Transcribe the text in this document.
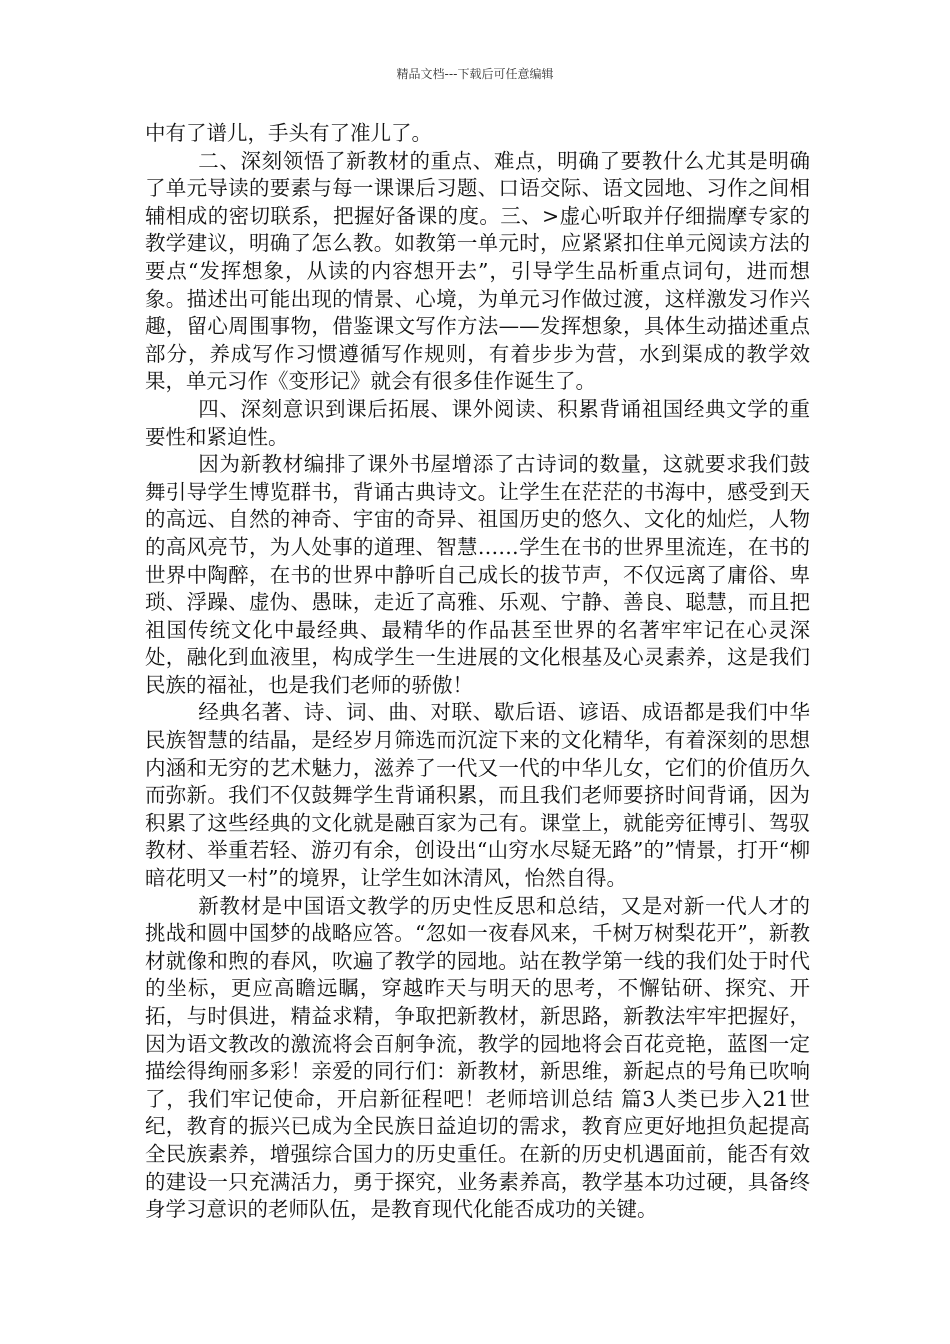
精品文档---下载后可任意编辑

中有了谱儿，手头有了准儿了。

二、深刻领悟了新教材的重点、难点，明确了要教什么尤其是明确了单元导读的要素与每一课课后习题、口语交际、语文园地、习作之间相辅相成的密切联系，把握好备课的度。三、>虚心听取并仔细揣摩专家的教学建议，明确了怎么教。如教第一单元时，应紧紧扣住单元阅读方法的要点“发挥想象，从读的内容想开去”，引导学生品析重点词句，进而想象。描述出可能出现的情景、心境，为单元习作做过渡，这样激发习作兴趣，留心周围事物，借鉴课文写作方法——发挥想象，具体生动描述重点部分，养成写作习惯遵循写作规则，有着步步为营，水到渠成的教学效果，单元习作《变形记》就会有很多佳作诞生了。

四、深刻意识到课后拓展、课外阅读、积累背诵祖国经典文学的重要性和紧迫性。

因为新教材编排了课外书屋增添了古诗词的数量，这就要求我们鼓舞引导学生博览群书，背诵古典诗文。让学生在茫茫的书海中，感受到天的高远、自然的神奇、宇宙的奇异、祖国历史的悠久、文化的灿烂，人物的高风亮节，为人处事的道理、智慧……学生在书的世界里流连，在书的世界中陶醉，在书的世界中静听自己成长的拔节声，不仅远离了庸俗、卑琐、浮躁、虚伪、愚昧，走近了高雅、乐观、宁静、善良、聪慧，而且把祖国传统文化中最经典、最精华的作品甚至世界的名著牢牢记在心灵深处，融化到血液里，构成学生一生进展的文化根基及心灵素养，这是我们民族的福祉，也是我们老师的骄傲！

经典名著、诗、词、曲、对联、歇后语、谚语、成语都是我们中华民族智慧的结晶，是经岁月筛选而沉淀下来的文化精华，有着深刻的思想内涵和无穷的艺术魅力，滋养了一代又一代的中华儿女，它们的价值历久而弥新。我们不仅鼓舞学生背诵积累，而且我们老师要挤时间背诵，因为积累了这些经典的文化就是融百家为己有。课堂上，就能旁征博引、驾驭教材、举重若轻、游刃有余，创设出“山穷水尽疑无路”的”情景，打开“柳暗花明又一村”的境界，让学生如沐清风，怡然自得。

新教材是中国语文教学的历史性反思和总结，又是对新一代人才的挑战和圆中国梦的战略应答。“忽如一夜春风来，千树万树梨花开”，新教材就像和煦的春风，吹遍了教学的园地。站在教学第一线的我们处于时代的坐标，更应高瞻远瞩，穿越昨天与明天的思考，不懈钻研、探究、开拓，与时俱进，精益求精，争取把新教材，新思路，新教法牢牢把握好，因为语文教改的激流将会百舸争流，教学的园地将会百花竞艳，蓝图一定描绘得绚丽多彩！亲爱的同行们：新教材，新思维，新起点的号角已吹响了，我们牢记使命，开启新征程吧！老师培训总结 篇3人类已步入21世纪，教育的振兴已成为全民族日益迫切的需求，教育应更好地担负起提高全民族素养，增强综合国力的历史重任。在新的历史机遇面前，能否有效的建设一只充满活力，勇于探究，业务素养高，教学基本功过硬，具备终身学习意识的老师队伍，是教育现代化能否成功的关键。
